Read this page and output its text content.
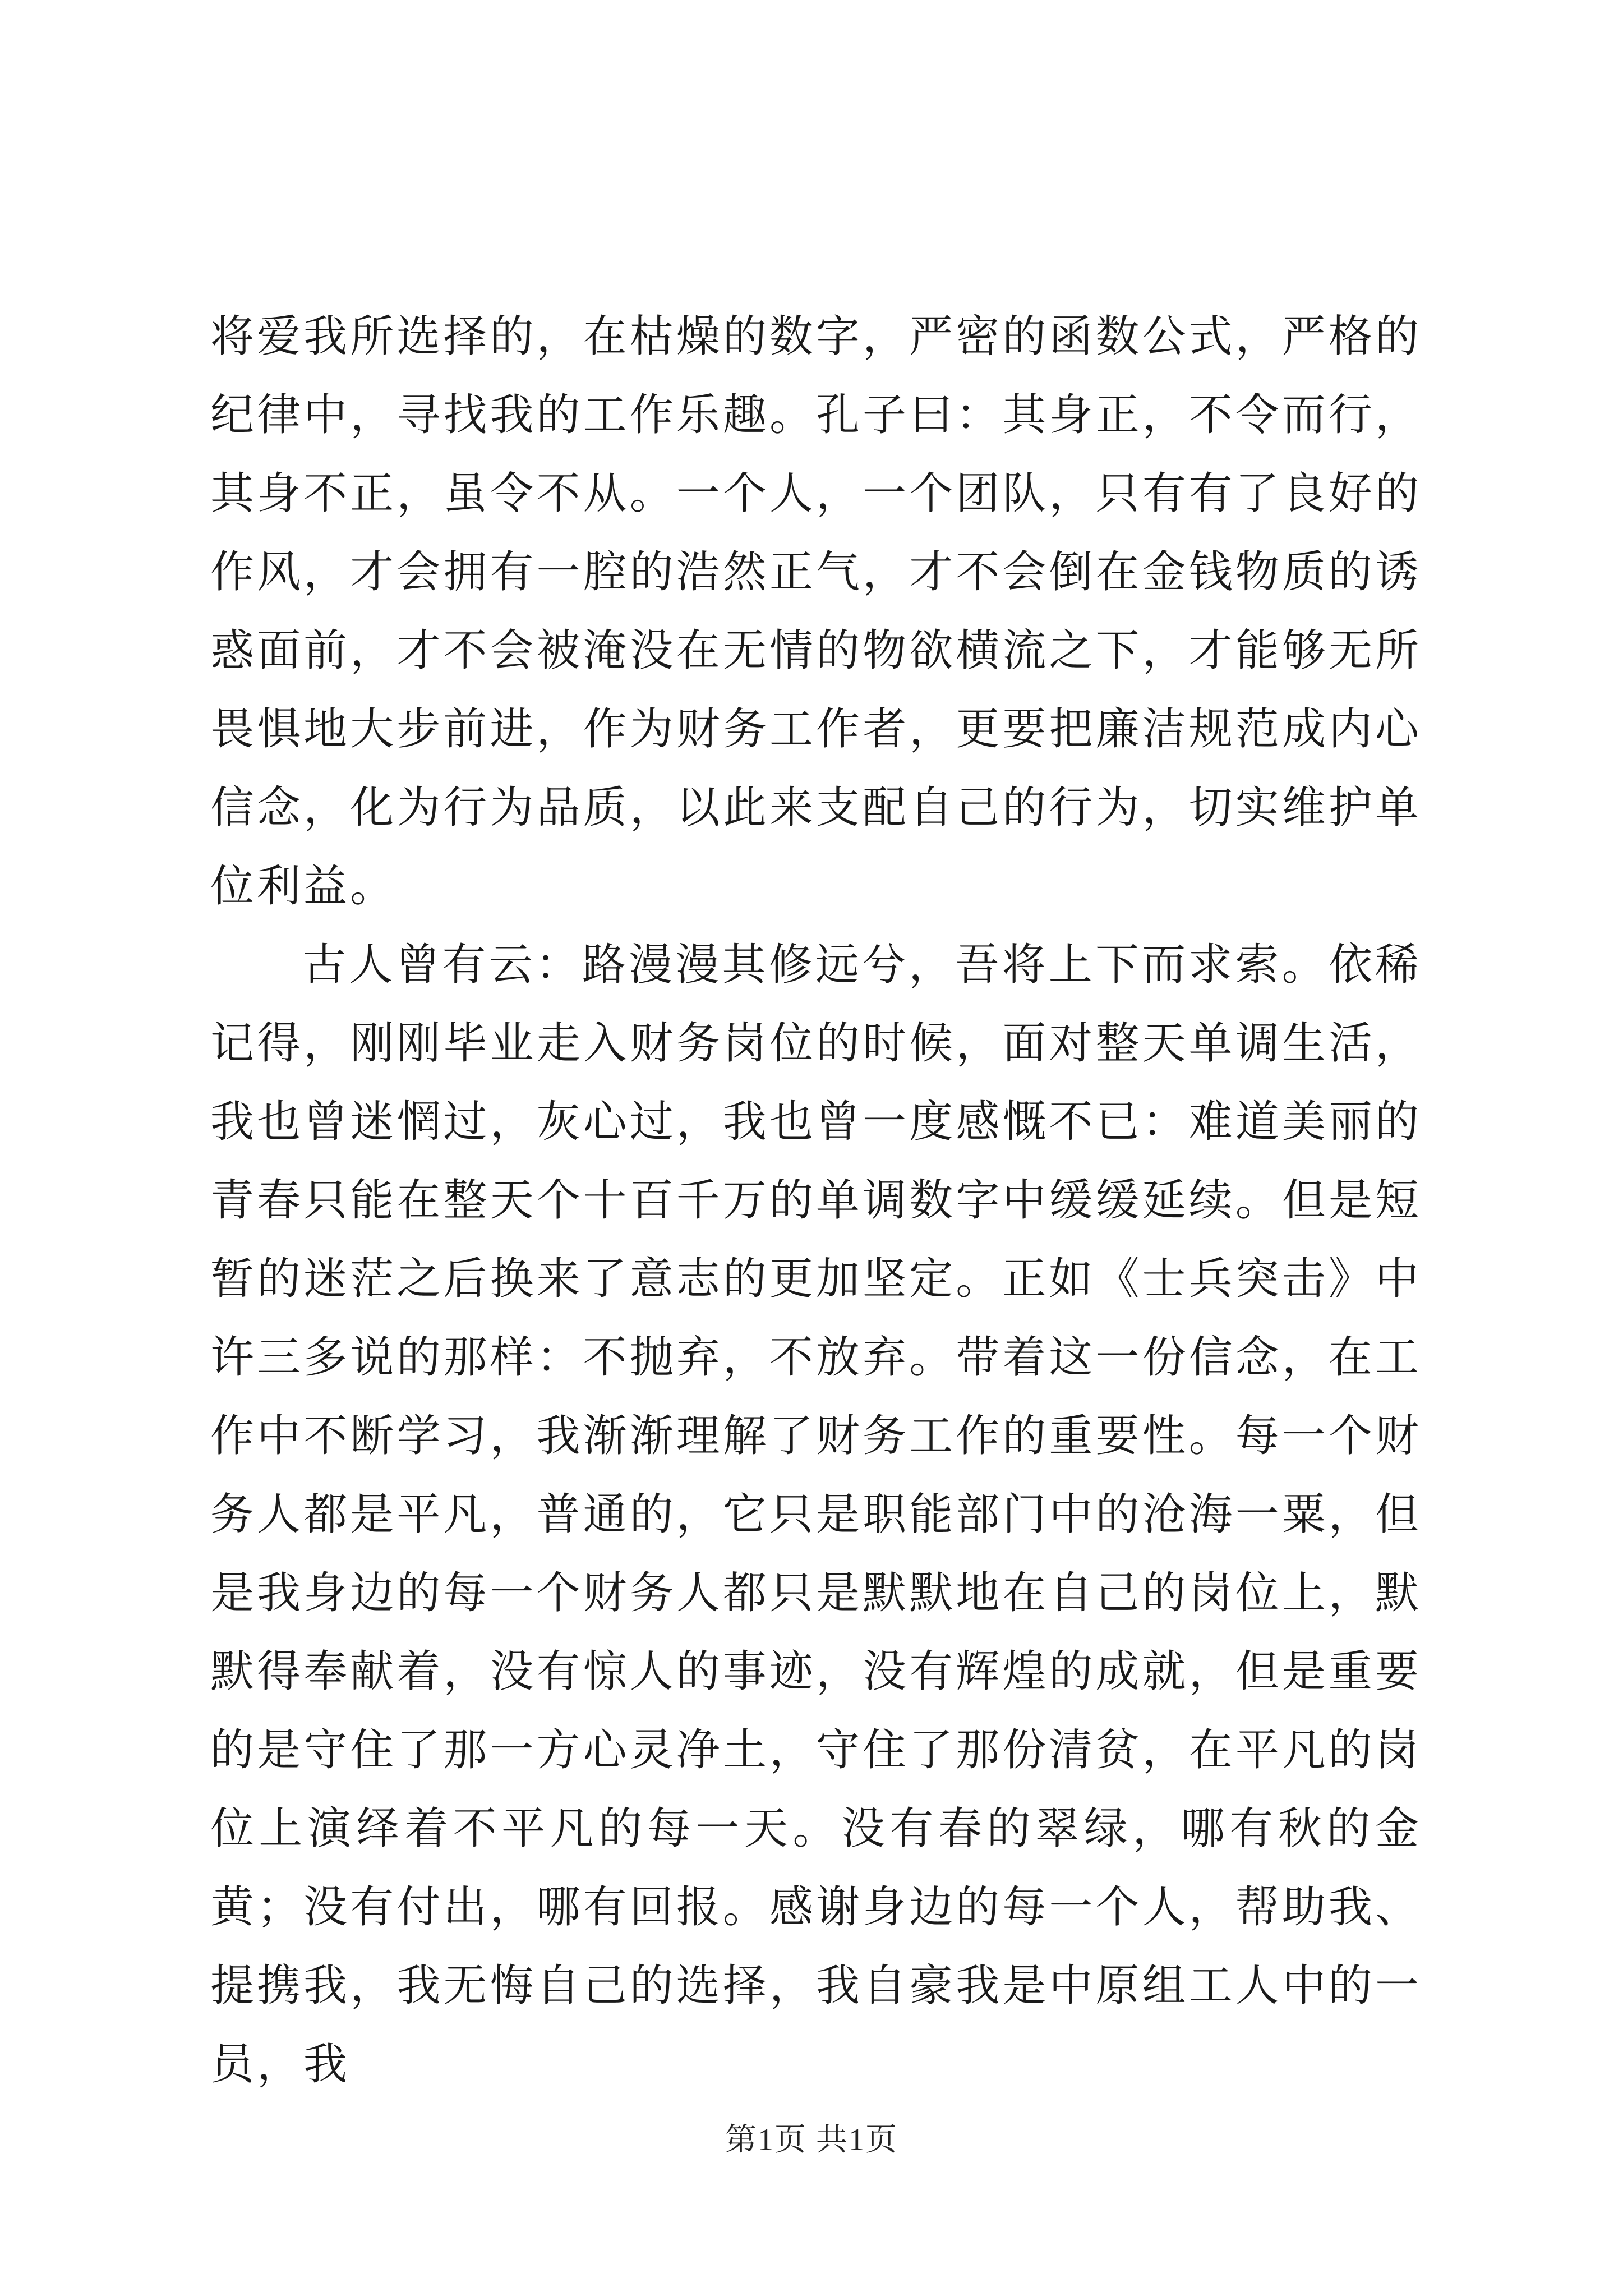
将爱我所选择的，在枯燥的数字，严密的函数公式，严格的纪律中，寻找我的工作乐趣。孔子曰：其身正，不令而行，其身不正，虽令不从。一个人，一个团队，只有有了良好的作风，才会拥有一腔的浩然正气，才不会倒在金钱物质的诱惑面前，才不会被淹没在无情的物欲横流之下，才能够无所畏惧地大步前进，作为财务工作者，更要把廉洁规范成内心信念，化为行为品质，以此来支配自己的行为，切实维护单位利益。

古人曾有云：路漫漫其修远兮，吾将上下而求索。依稀记得，刚刚毕业走入财务岗位的时候，面对整天单调生活，我也曾迷惘过，灰心过，我也曾一度感慨不已：难道美丽的青春只能在整天个十百千万的单调数字中缓缓延续。但是短暂的迷茫之后换来了意志的更加坚定。正如《士兵突击》中许三多说的那样：不抛弃，不放弃。带着这一份信念，在工作中不断学习，我渐渐理解了财务工作的重要性。每一个财务人都是平凡，普通的，它只是职能部门中的沧海一粟，但是我身边的每一个财务人都只是默默地在自己的岗位上，默默得奉献着，没有惊人的事迹，没有辉煌的成就，但是重要的是守住了那一方心灵净土，守住了那份清贫，在平凡的岗位上演绎着不平凡的每一天。没有春的翠绿，哪有秋的金黄；没有付出，哪有回报。感谢身边的每一个人，帮助我、提携我，我无悔自己的选择，我自豪我是中原组工人中的一员，我

第1页 共1页
